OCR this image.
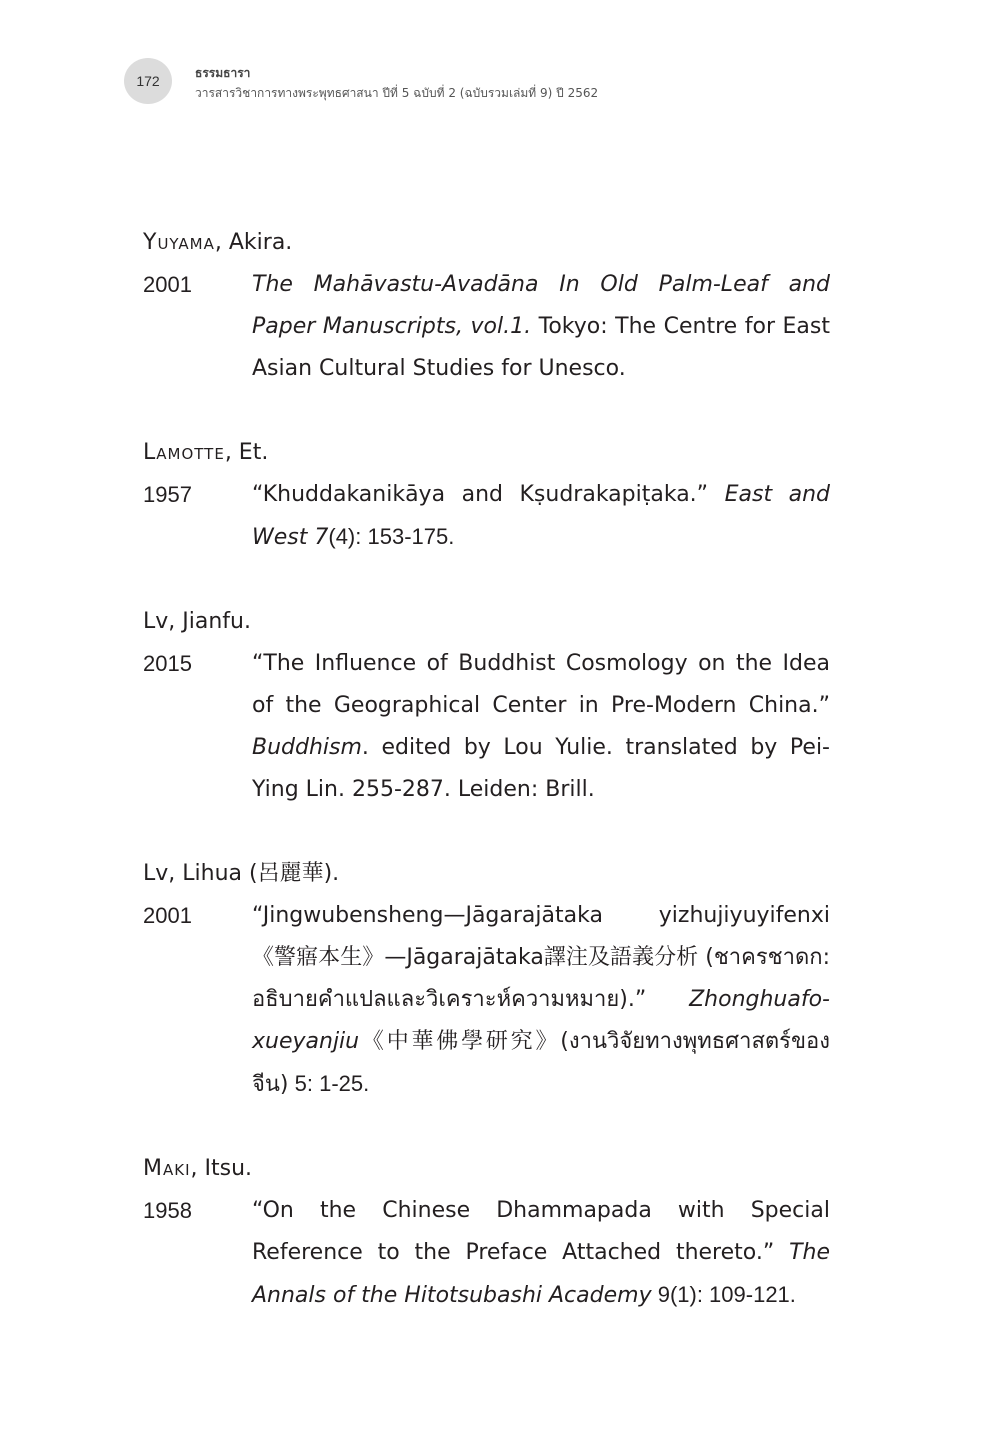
172	ธรรมธารา
วารสารวิชาการทางพระพุทธศาสนา ปีที่ 5 ฉบับที่ 2 (ฉบับรวมเล่มที่ 9) ปี 2562
Yuyama, Akira.
2001	The Mahāvastu-Avadāna In Old Palm-Leaf and Paper Manuscripts, vol.1. Tokyo: The Centre for East Asian Cultural Studies for Unesco.
Lamotte, Et.
1957	“Khuddakanikāya and Kṣudrakapiṭaka.” East and West 7(4): 153-175.
Lv, Jianfu.
2015	“The Influence of Buddhist Cosmology on the Idea of the Geographical Center in Pre-Modern China.” Buddhism. edited by Lou Yulie. translated by Pei-Ying Lin. 255-287. Leiden: Brill.
Lv, Lihua (呂麗華).
2001	“Jingwubensheng—Jāgarajātaka yizhujiyuyifenxi 《警寤本生》—Jāgarajātaka譯注及語義分析 (ชาครชาดก: อธิบายคำแปลและวิเคราะห์ความหมาย).” Zhonghuafo-xueyanjiu《中華佛學研究》(งานวิจัยทางพุทธศาสตร์ของจีน) 5: 1-25.
Maki, Itsu.
1958	“On the Chinese Dhammapada with Special Reference to the Preface Attached thereto.” The Annals of the Hitotsubashi Academy 9(1): 109-121.
